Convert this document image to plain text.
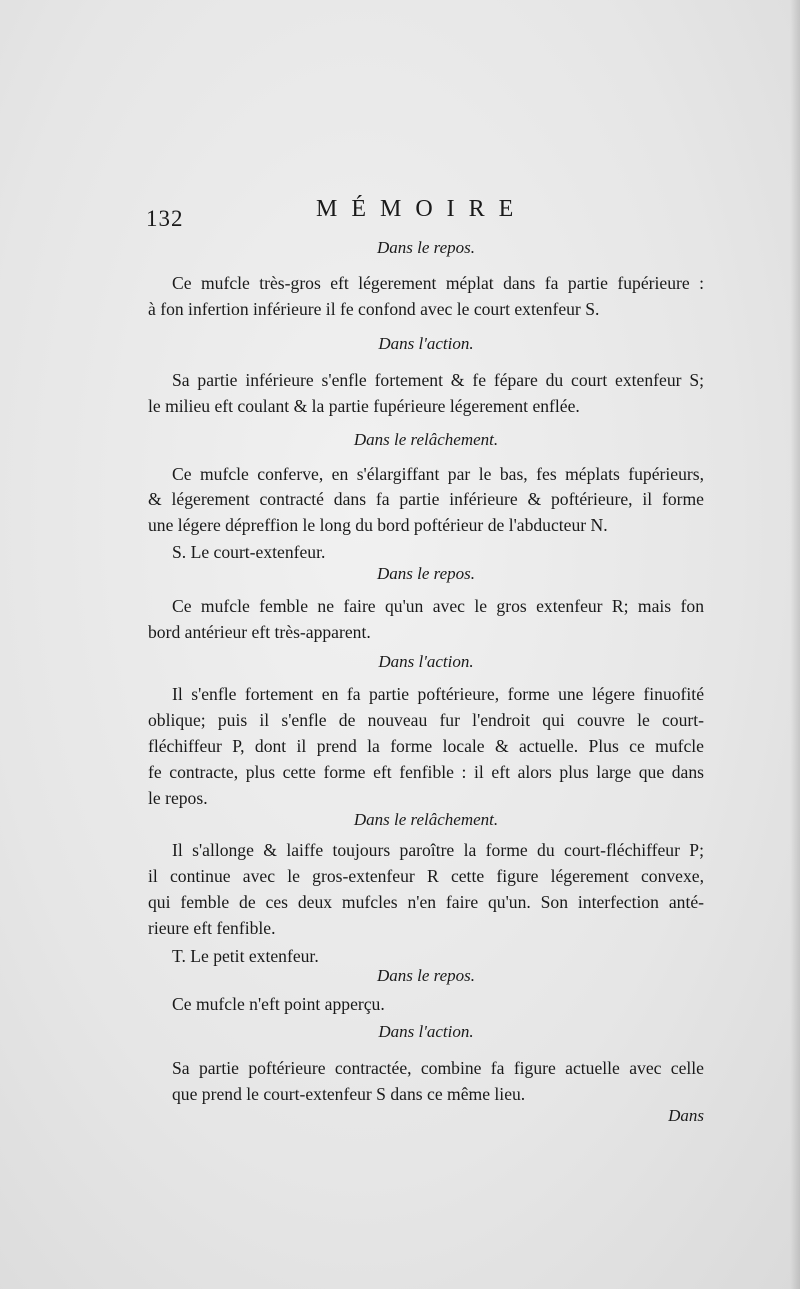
132	MÉMOIRE
Dans le repos.
Ce mufcle très-gros eft légerement méplat dans fa partie fupérieure :
à fon infertion inférieure il fe confond avec le court extenfeur S.
Dans l'action.
Sa partie inférieure s'enfle fortement & fe fépare du court extenfeur S;
le milieu eft coulant & la partie fupérieure légerement enflée.
Dans le relâchement.
Ce mufcle conferve, en s'élargiffant par le bas, fes méplats fupérieurs,
& légerement contracté dans fa partie inférieure & poftérieure, il forme
une légere dépreffion le long du bord poftérieur de l'abducteur N.
S. Le court-extenfeur.
Dans le repos.
Ce mufcle femble ne faire qu'un avec le gros extenfeur R; mais fon
bord antérieur eft très-apparent.
Dans l'action.
Il s'enfle fortement en fa partie poftérieure, forme une légere finuofité
oblique; puis il s'enfle de nouveau fur l'endroit qui couvre le court-
fléchiffeur P, dont il prend la forme locale & actuelle. Plus ce mufcle
fe contracte, plus cette forme eft fenfible : il eft alors plus large que dans
le repos.
Dans le relâchement.
Il s'allonge & laiffe toujours paroître la forme du court-fléchiffeur P;
il continue avec le gros-extenfeur R cette figure légerement convexe,
qui femble de ces deux mufcles n'en faire qu'un. Son interfection anté-
rieure eft fenfible.
T. Le petit extenfeur.
Dans le repos.
Ce mufcle n'eft point apperçu.
Dans l'action.
Sa partie poftérieure contractée, combine fa figure actuelle avec celle
que prend le court-extenfeur S dans ce même lieu.
Dans
